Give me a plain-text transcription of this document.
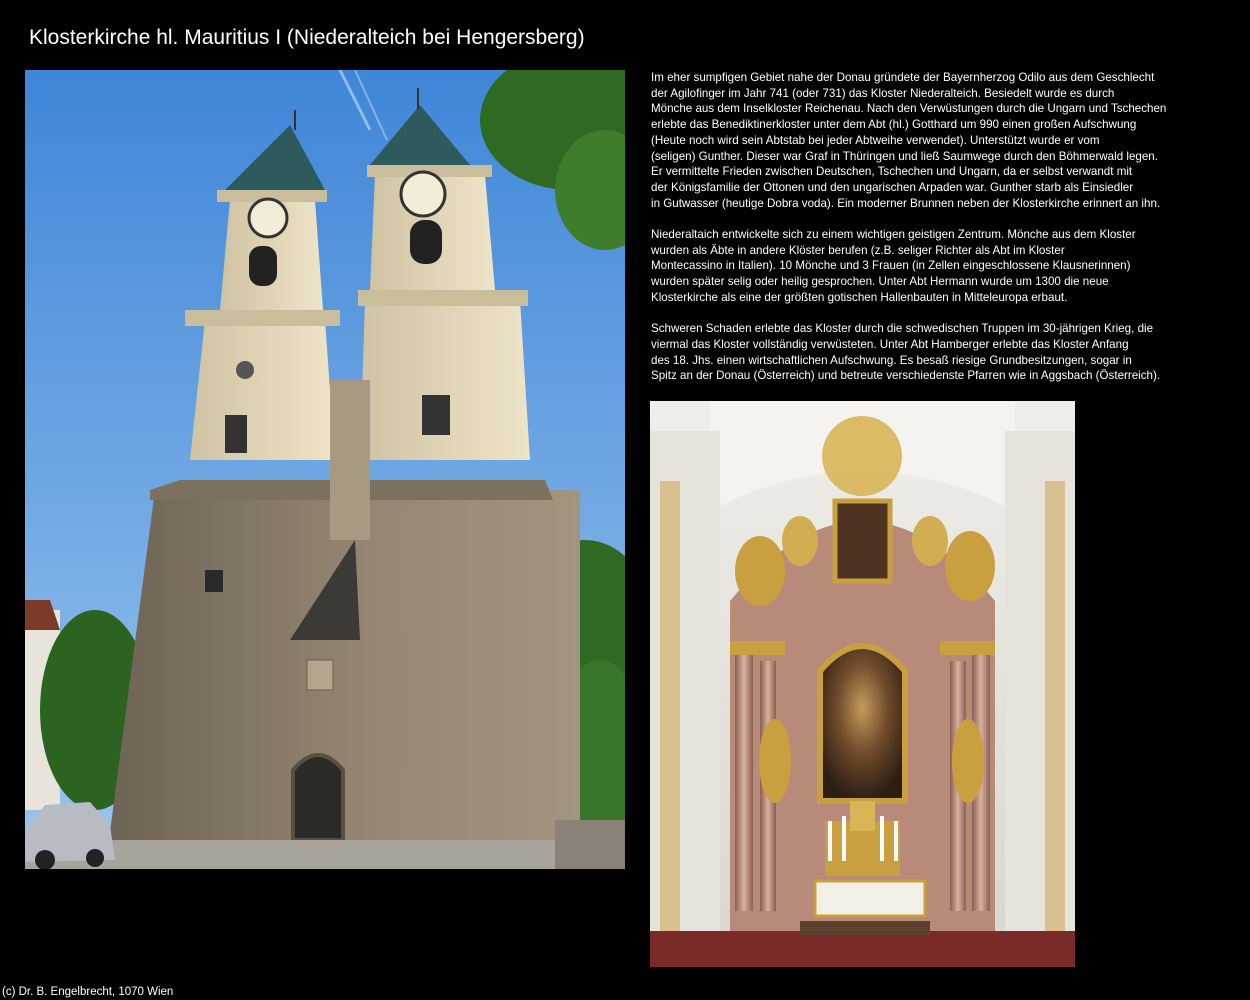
Klosterkirche hl. Mauritius I (Niederalteich bei Hengersberg)

Im eher sumpfigen Gebiet nahe der Donau gründete der Bayernherzog Odilo aus dem Geschlecht
der Agilofinger im Jahr 741 (oder 731) das Kloster Niederalteich. Besiedelt wurde es durch
Mönche aus dem Inselkloster Reichenau. Nach den Verwüstungen durch die Ungarn und Tschechen
erlebte das Benediktinerkloster unter dem Abt (hl.) Gotthard um 990 einen großen Aufschwung
(Heute noch wird sein Abtstab bei jeder Abtweihe verwendet). Unterstützt wurde er vom
(seligen) Gunther. Dieser war Graf in Thüringen und ließ Saumwege durch den Böhmerwald legen.
Er vermittelte Frieden zwischen Deutschen, Tschechen und Ungarn, da er selbst verwandt mit
der Königsfamilie der Ottonen und den ungarischen Arpaden war. Gunther starb als Einsiedler
in Gutwasser (heutige Dobra voda). Ein moderner Brunnen neben der Klosterkirche erinnert an ihn.

Niederaltaich entwickelte sich zu einem wichtigen geistigen Zentrum. Mönche aus dem Kloster
wurden als Äbte in andere Klöster berufen (z.B. seliger Richter als Abt im Kloster
Montecassino in Italien). 10 Mönche und 3 Frauen (in Zellen eingeschlossene Klausnerinnen)
wurden später selig oder heilig gesprochen. Unter Abt Hermann wurde um 1300 die neue
Klosterkirche als eine der größten gotischen Hallenbauten in Mitteleuropa erbaut.

Schweren Schaden erlebte das Kloster durch die schwedischen Truppen im 30-jährigen Krieg, die
viermal das Kloster vollständig verwüsteten. Unter Abt Hamberger erlebte das Kloster Anfang
des 18. Jhs. einen wirtschaftlichen Aufschwung. Es besaß riesige Grundbesitzungen, sogar in
Spitz an der Donau (Österreich) und betreute verschiedenste Pfarren wie in Aggsbach (Österreich).

(c) Dr. B. Engelbrecht, 1070 Wien
